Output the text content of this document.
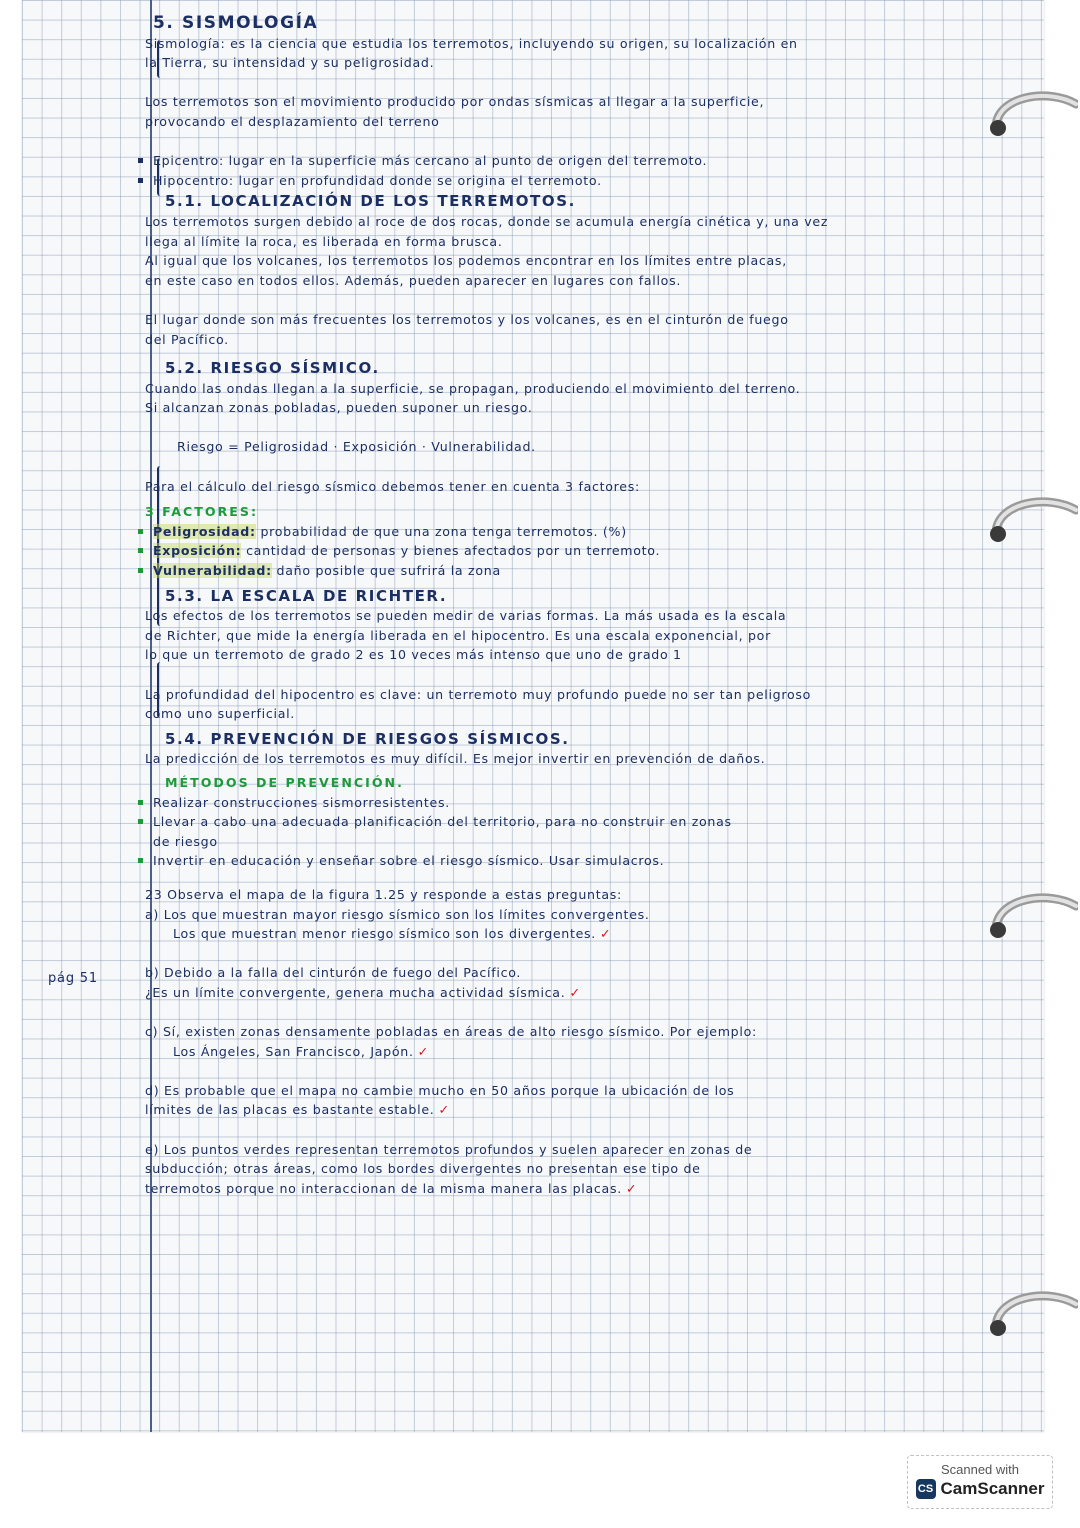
pág 51
5. SISMOLOGÍA
Sismología: es la ciencia que estudia los terremotos, incluyendo su origen, su localización en
la Tierra, su intensidad y su peligrosidad.
Los terremotos son el movimiento producido por ondas sísmicas al llegar a la superficie,
provocando el desplazamiento del terreno
Epicentro: lugar en la superficie más cercano al punto de origen del terremoto.
Hipocentro: lugar en profundidad donde se origina el terremoto.
5.1. LOCALIZACIÓN DE LOS TERREMOTOS.
Los terremotos surgen debido al roce de dos rocas, donde se acumula energía cinética y, una vez
llega al límite la roca, es liberada en forma brusca.
Al igual que los volcanes, los terremotos los podemos encontrar en los límites entre placas,
en este caso en todos ellos. Además, pueden aparecer en lugares con fallos.
El lugar donde son más frecuentes los terremotos y los volcanes, es en el cinturón de fuego
del Pacífico.
5.2. RIESGO SÍSMICO.
Cuando las ondas llegan a la superficie, se propagan, produciendo el movimiento del terreno.
Si alcanzan zonas pobladas, pueden suponer un riesgo.
Riesgo = Peligrosidad · Exposición · Vulnerabilidad.
Para el cálculo del riesgo sísmico debemos tener en cuenta 3 factores:
3 FACTORES:
Peligrosidad: probabilidad de que una zona tenga terremotos. (%)
Exposición: cantidad de personas y bienes afectados por un terremoto.
Vulnerabilidad: daño posible que sufrirá la zona
5.3. LA ESCALA DE RICHTER.
Los efectos de los terremotos se pueden medir de varias formas. La más usada es la escala
de Richter, que mide la energía liberada en el hipocentro. Es una escala exponencial, por
lo que un terremoto de grado 2 es 10 veces más intenso que uno de grado 1
La profundidad del hipocentro es clave: un terremoto muy profundo puede no ser tan peligroso
como uno superficial.
5.4. PREVENCIÓN DE RIESGOS SÍSMICOS.
La predicción de los terremotos es muy difícil. Es mejor invertir en prevención de daños.
MÉTODOS DE PREVENCIÓN.
Realizar construcciones sismorresistentes.
Llevar a cabo una adecuada planificación del territorio, para no construir en zonas
de riesgo
Invertir en educación y enseñar sobre el riesgo sísmico. Usar simulacros.
23 Observa el mapa de la figura 1.25 y responde a estas preguntas:
a) Los que muestran mayor riesgo sísmico son los límites convergentes.
Los que muestran menor riesgo sísmico son los divergentes. ✓
b) Debido a la falla del cinturón de fuego del Pacífico.
¿Es un límite convergente, genera mucha actividad sísmica. ✓
c) Sí, existen zonas densamente pobladas en áreas de alto riesgo sísmico. Por ejemplo:
Los Ángeles, San Francisco, Japón. ✓
d) Es probable que el mapa no cambie mucho en 50 años porque la ubicación de los
límites de las placas es bastante estable. ✓
e) Los puntos verdes representan terremotos profundos y suelen aparecer en zonas de
subducción; otras áreas, como los bordes divergentes no presentan ese tipo de
terremotos porque no interaccionan de la misma manera las placas. ✓
Scanned with
CS CamScanner
